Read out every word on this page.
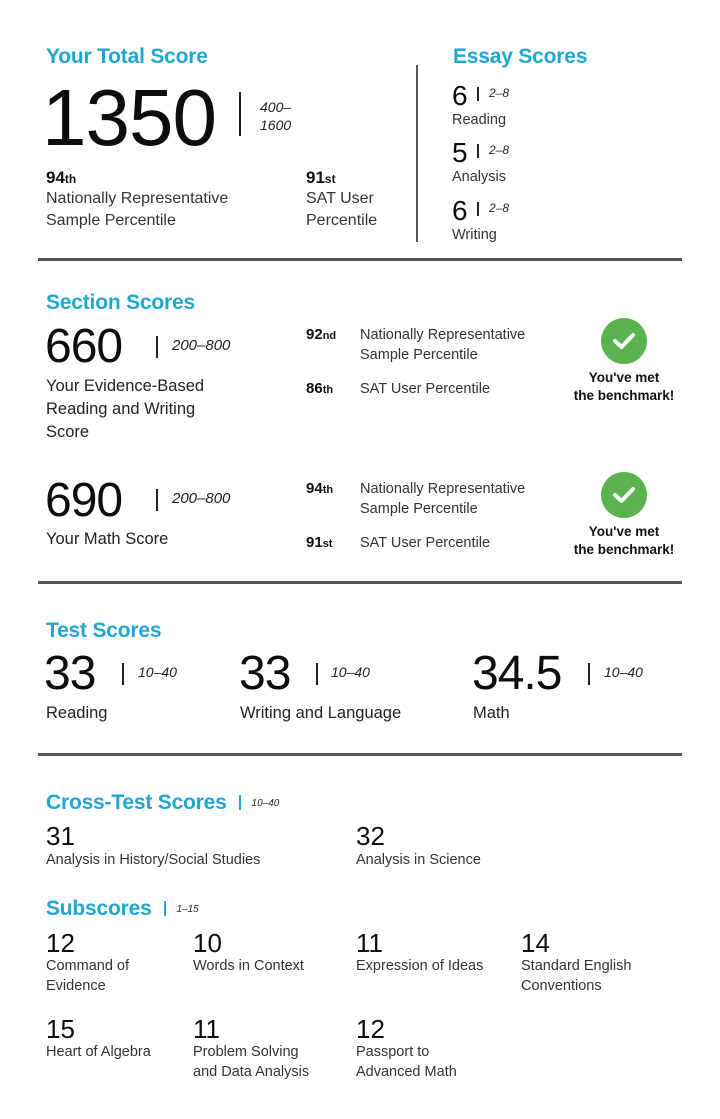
Your Total Score
1350	400–
1600
94th
Nationally Representative
Sample Percentile
91st
SAT User
Percentile
Essay Scores
6 $^{2-8}$
Reading
5 $^{2-8}$
Analysis
6 $^{2-8}$
Writing
Section Scores
660	200–800
Your Evidence-Based
Reading and Writing
Score
92nd Nationally Representative
Sample Percentile
86th SAT User Percentile
You've met
the benchmark!
690	200–800
Your Math Score
94th Nationally Representative
Sample Percentile
91st SAT User Percentile
You've met
the benchmark!
Test Scores
33	10–40
Reading
33	10–40
Writing and Language
34.5	10–40
Math
Cross-Test Scores 10–40
31
Analysis in History/Social Studies
32
Analysis in Science
Subscores 1–15
12
Command of
Evidence
10
Words in Context
11
Expression of Ideas
14
Standard English
Conventions
15
Heart of Algebra
11
Problem Solving
and Data Analysis
12
Passport to
Advanced Math
